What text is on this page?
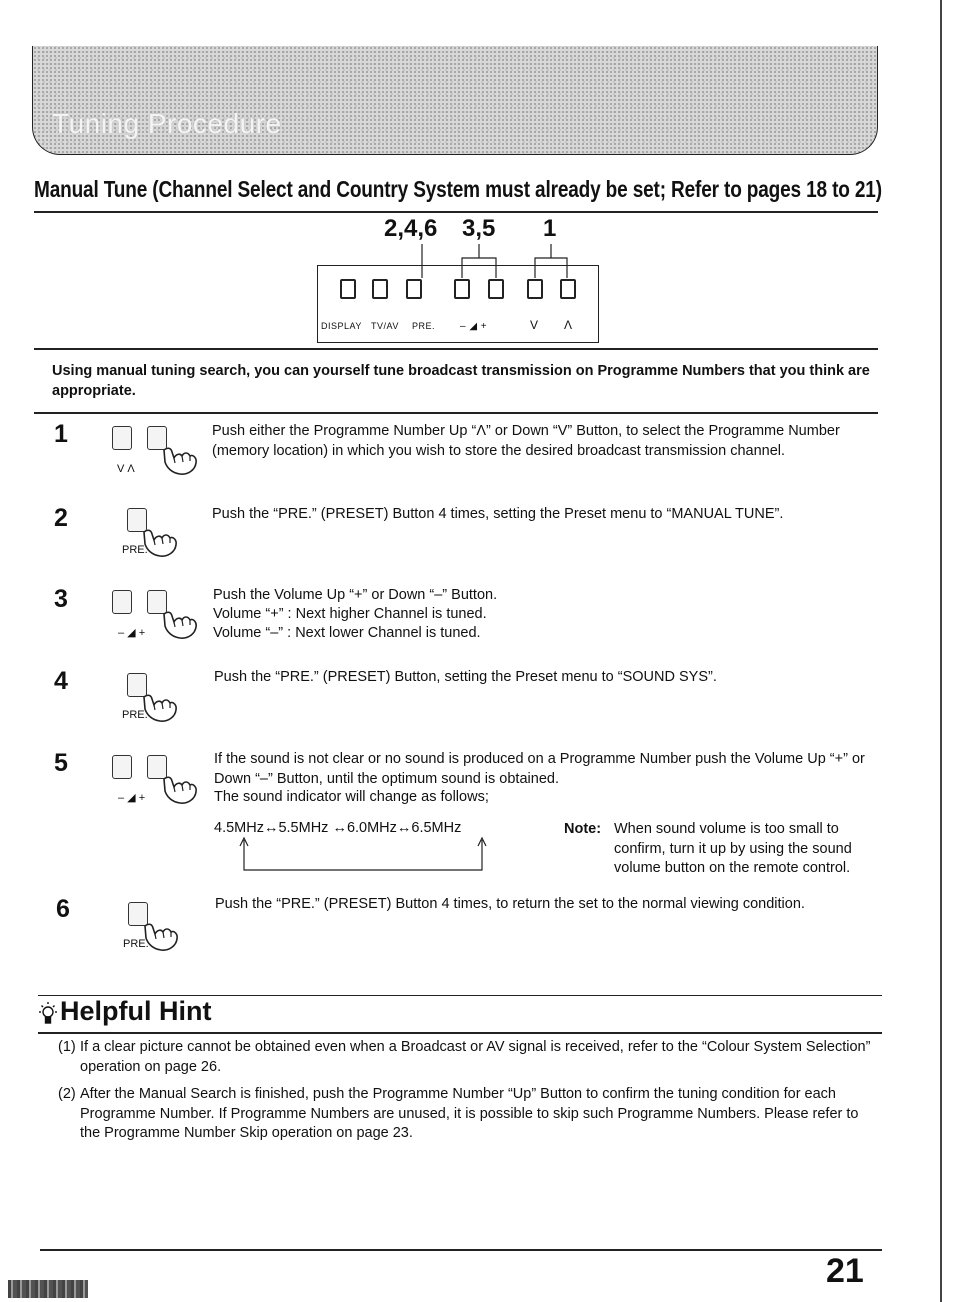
Tuning Procedure
Manual Tune (Channel Select and Country System must already be set; Refer to pages 18 to 21)
2,4,6 3,5 1
DISPLAY TV/AV PRE. – ◢ +	V Λ
Using manual tuning search, you can yourself tune broadcast transmission on Programme Numbers that you think are appropriate.
1
V Λ
Push either the Programme Number Up “Λ” or Down “V” Button, to select the Programme Number (memory location) in which you wish to store the desired broadcast transmission channel.
2
PRE.
Push the “PRE.” (PRESET) Button 4 times, setting the Preset menu to “MANUAL TUNE”.
3
– ◢ +
Push the Volume Up “+” or Down “–” Button.
Volume “+” : Next higher Channel is tuned.
Volume “–” : Next lower Channel is tuned.
4
PRE.
Push the “PRE.” (PRESET) Button, setting the Preset menu to “SOUND SYS”.
5
– ◢ +
If the sound is not clear or no sound is produced on a Programme Number push the Volume Up “+” or Down “–” Button, until the optimum sound is obtained.
The sound indicator will change as follows;
4.5MHz↔5.5MHz ↔6.0MHz↔6.5MHz	Note: When sound volume is too small to confirm, turn it up by using the sound volume button on the remote control.
6
PRE.
Push the “PRE.” (PRESET) Button 4 times, to return the set to the normal viewing condition.
Helpful Hint
(1) If a clear picture cannot be obtained even when a Broadcast or AV signal is received, refer to the “Colour System Selection” operation on page 26.
(2) After the Manual Search is finished, push the Programme Number “Up” Button to confirm the tuning condition for each Programme Number. If Programme Numbers are unused, it is possible to skip such Programme Numbers. Please refer to the Programme Number Skip operation on page 23.
21
